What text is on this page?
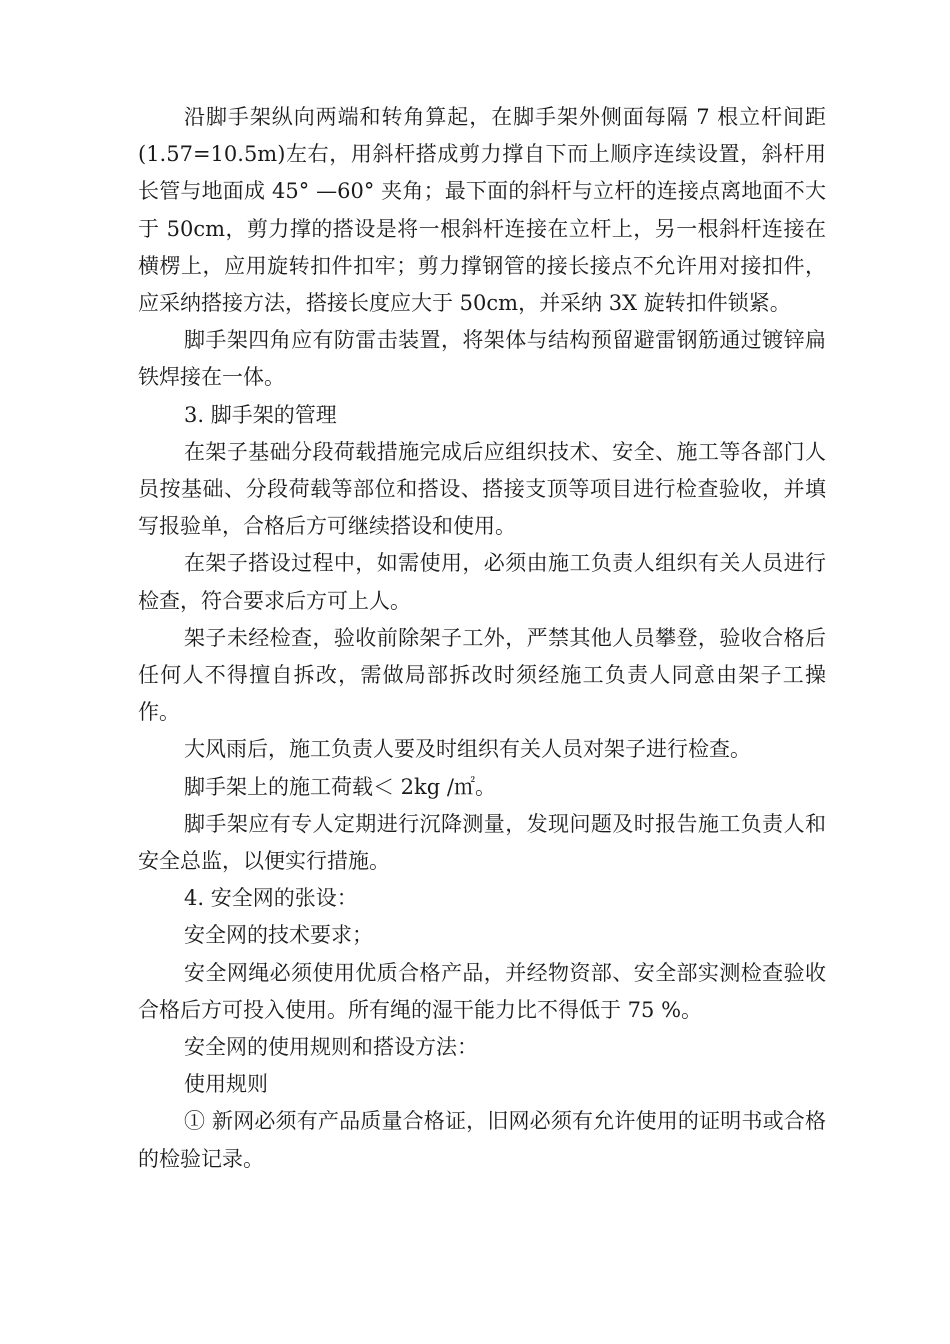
沿脚手架纵向两端和转角算起，在脚手架外侧面每隔 7 根立杆间距(1.57=10.5m)左右，用斜杆搭成剪力撑自下而上顺序连续设置，斜杆用长管与地面成 45° —60° 夹角；最下面的斜杆与立杆的连接点离地面不大于 50cm，剪力撑的搭设是将一根斜杆连接在立杆上，另一根斜杆连接在横楞上，应用旋转扣件扣牢；剪力撑钢管的接长接点不允许用对接扣件，应采纳搭接方法，搭接长度应大于 50cm，并采纳 3X 旋转扣件锁紧。

脚手架四角应有防雷击装置，将架体与结构预留避雷钢筋通过镀锌扁铁焊接在一体。

3. 脚手架的管理

在架子基础分段荷载措施完成后应组织技术、安全、施工等各部门人员按基础、分段荷载等部位和搭设、搭接支顶等项目进行检查验收，并填写报验单，合格后方可继续搭设和使用。

在架子搭设过程中，如需使用，必须由施工负责人组织有关人员进行检查，符合要求后方可上人。

架子未经检查，验收前除架子工外，严禁其他人员攀登，验收合格后任何人不得擅自拆改，需做局部拆改时须经施工负责人同意由架子工操作。

大风雨后，施工负责人要及时组织有关人员对架子进行检查。

脚手架上的施工荷载＜ 2kg /㎡。

脚手架应有专人定期进行沉降测量，发现问题及时报告施工负责人和安全总监，以便实行措施。

4. 安全网的张设：

安全网的技术要求；

安全网绳必须使用优质合格产品，并经物资部、安全部实测检查验收合格后方可投入使用。所有绳的湿干能力比不得低于 75 %。

安全网的使用规则和搭设方法：

使用规则

① 新网必须有产品质量合格证，旧网必须有允许使用的证明书或合格的检验记录。
